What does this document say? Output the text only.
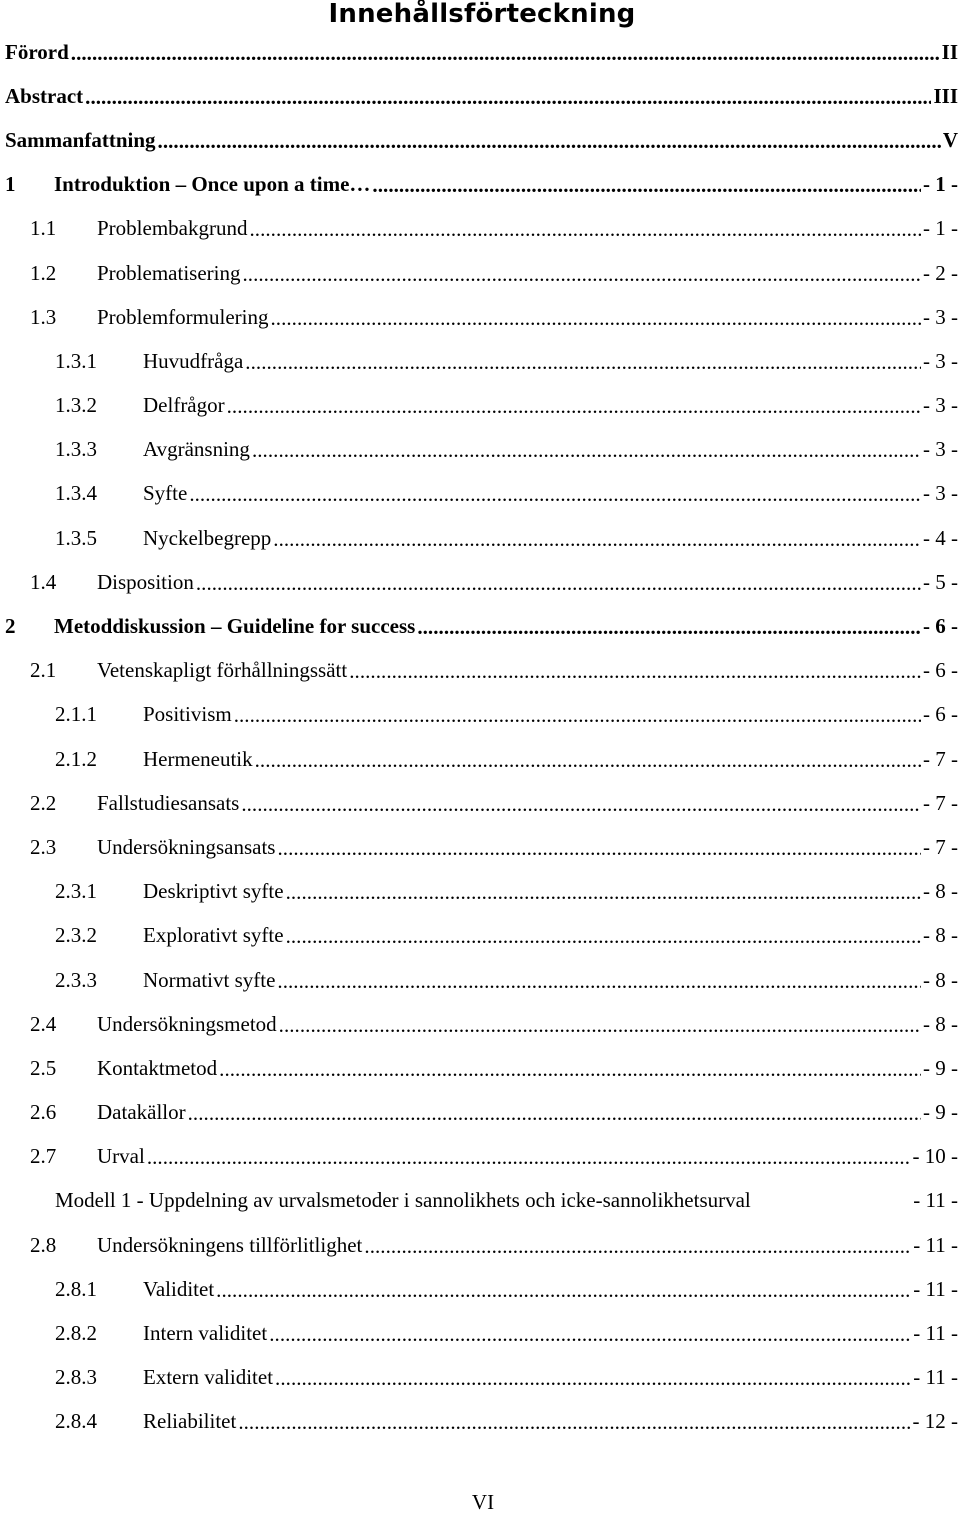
Innehållsförteckning
Förord . . .	II
Abstract . . .	III
Sammanfattning . . .	V
1	Introduktion – Once upon a time… . . .	- 1 -
1.1	Problembakgrund . . .	- 1 -
1.2	Problematisering . . .	- 2 -
1.3	Problemformulering . . .	- 3 -
1.3.1	Huvudfråga . . .	- 3 -
1.3.2	Delfrågor . . .	- 3 -
1.3.3	Avgränsning . . .	- 3 -
1.3.4	Syfte . . .	- 3 -
1.3.5	Nyckelbegrepp . . .	- 4 -
1.4	Disposition . . .	- 5 -
2	Metoddiskussion – Guideline for success . . .	- 6 -
2.1	Vetenskapligt förhållningssätt . . .	- 6 -
2.1.1	Positivism . . .	- 6 -
2.1.2	Hermeneutik . . .	- 7 -
2.2	Fallstudiesansats . . .	- 7 -
2.3	Undersökningsansats . . .	- 7 -
2.3.1	Deskriptivt syfte . . .	- 8 -
2.3.2	Explorativt syfte . . .	- 8 -
2.3.3	Normativt syfte . . .	- 8 -
2.4	Undersökningsmetod . . .	- 8 -
2.5	Kontaktmetod . . .	- 9 -
2.6	Datakällor . . .	- 9 -
2.7	Urval . . .	- 10 -
Modell 1 - Uppdelning av urvalsmetoder i sannolikhets och icke-sannolikhetsurval	- 11 -
2.8	Undersökningens tillförlitlighet . . .	- 11 -
2.8.1	Validitet . . .	- 11 -
2.8.2	Intern validitet . . .	- 11 -
2.8.3	Extern validitet . . .	- 11 -
2.8.4	Reliabilitet . . .	- 12 -
VI
